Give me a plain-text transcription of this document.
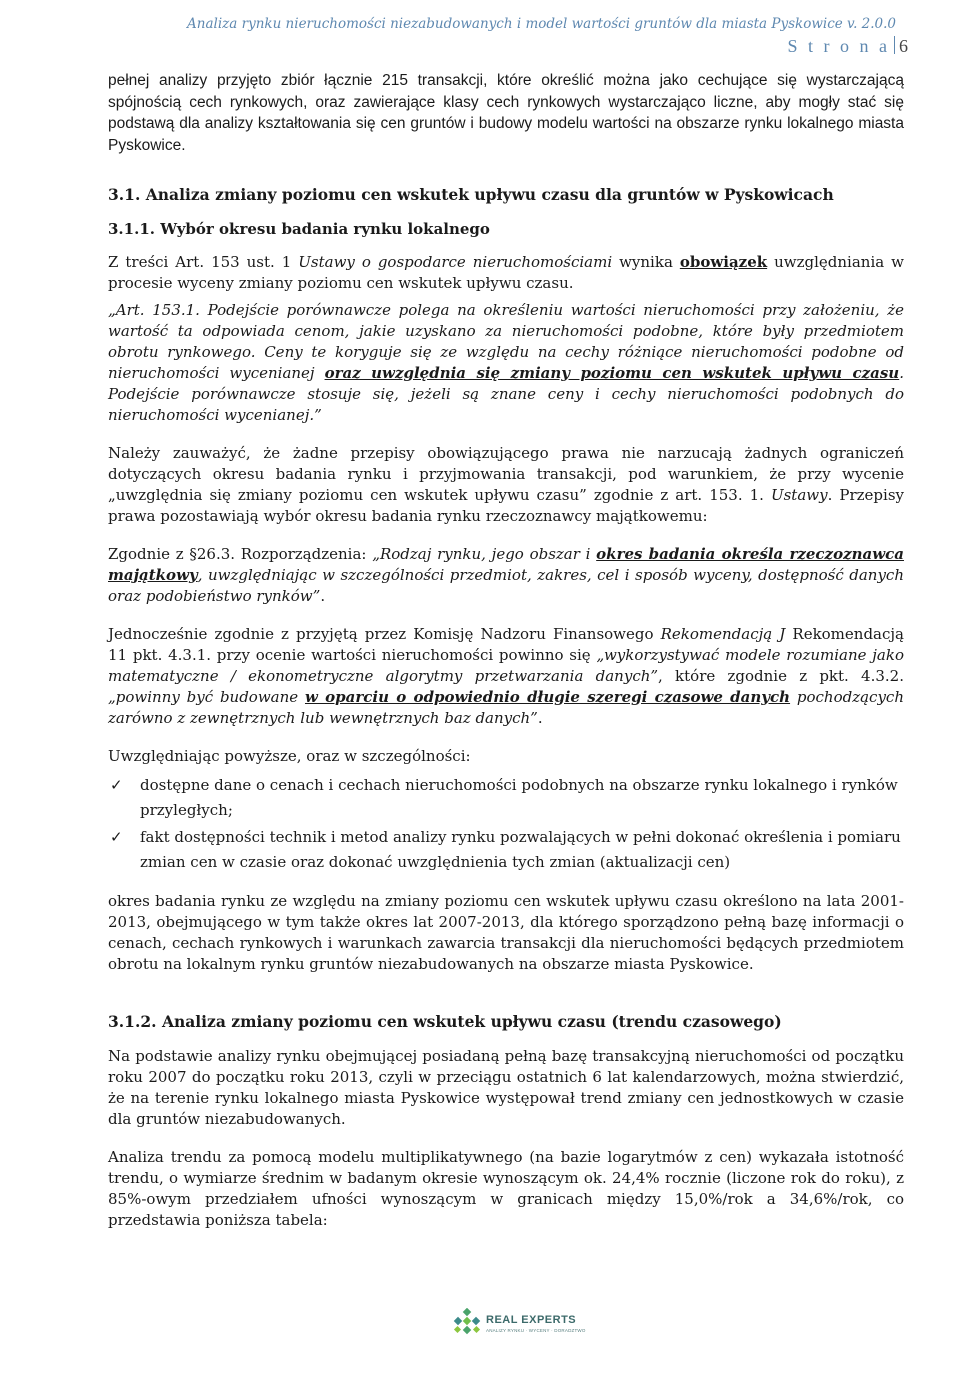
Analiza rynku nieruchomości niezabudowanych i model wartości gruntów dla miasta Pyskowice v. 2.0.0
S t r o n a 6

pełnej analizy przyjęto zbiór łącznie 215 transakcji, które określić można jako cechujące się wystarczającą spójnością cech rynkowych, oraz zawierające klasy cech rynkowych wystarczająco liczne, aby mogły stać się podstawą dla analizy kształtowania się cen gruntów i budowy modelu wartości na obszarze rynku lokalnego miasta Pyskowice.

3.1. Analiza zmiany poziomu cen wskutek upływu czasu dla gruntów w Pyskowicach
3.1.1. Wybór okresu badania rynku lokalnego

Z treści Art. 153 ust. 1 Ustawy o gospodarce nieruchomościami wynika obowiązek uwzględniania w procesie wyceny zmiany poziomu cen wskutek upływu czasu.

„Art. 153.1. Podejście porównawcze polega na określeniu wartości nieruchomości przy założeniu, że wartość ta odpowiada cenom, jakie uzyskano za nieruchomości podobne, które były przedmiotem obrotu rynkowego. Ceny te koryguje się ze względu na cechy różniące nieruchomości podobne od nieruchomości wycenianej oraz uwzględnia się zmiany poziomu cen wskutek upływu czasu. Podejście porównawcze stosuje się, jeżeli są znane ceny i cechy nieruchomości podobnych do nieruchomości wycenianej.”

Należy zauważyć, że żadne przepisy obowiązującego prawa nie narzucają żadnych ograniczeń dotyczących okresu badania rynku i przyjmowania transakcji, pod warunkiem, że przy wycenie „uwzględnia się zmiany poziomu cen wskutek upływu czasu” zgodnie z art. 153. 1. Ustawy. Przepisy prawa pozostawiają wybór okresu badania rynku rzeczoznawcy majątkowemu:

Zgodnie z §26.3. Rozporządzenia: „Rodzaj rynku, jego obszar i okres badania określa rzeczoznawca majątkowy, uwzględniając w szczególności przedmiot, zakres, cel i sposób wyceny, dostępność danych oraz podobieństwo rynków”.

Jednocześnie zgodnie z przyjętą przez Komisję Nadzoru Finansowego Rekomendacją J Rekomendacją 11 pkt. 4.3.1. przy ocenie wartości nieruchomości powinno się „wykorzystywać modele rozumiane jako matematyczne / ekonometryczne algorytmy przetwarzania danych”, które zgodnie z pkt. 4.3.2. „powinny być budowane w oparciu o odpowiednio długie szeregi czasowe danych pochodzących zarówno z zewnętrznych lub wewnętrznych baz danych”.

Uwzględniając powyższe, oraz w szczególności:

✓ dostępne dane o cenach i cechach nieruchomości podobnych na obszarze rynku lokalnego i rynków przyległych;
✓ fakt dostępności technik i metod analizy rynku pozwalających w pełni dokonać określenia i pomiaru zmian cen w czasie oraz dokonać uwzględnienia tych zmian (aktualizacji cen)

okres badania rynku ze względu na zmiany poziomu cen wskutek upływu czasu określono na lata 2001-2013, obejmującego w tym także okres lat 2007-2013, dla którego sporządzono pełną bazę informacji o cenach, cechach rynkowych i warunkach zawarcia transakcji dla nieruchomości będących przedmiotem obrotu na lokalnym rynku gruntów niezabudowanych na obszarze miasta Pyskowice.

3.1.2. Analiza zmiany poziomu cen wskutek upływu czasu (trendu czasowego)

Na podstawie analizy rynku obejmującej posiadaną pełną bazę transakcyjną nieruchomości od początku roku 2007 do początku roku 2013, czyli w przeciągu ostatnich 6 lat kalendarzowych, można stwierdzić, że na terenie rynku lokalnego miasta Pyskowice występował trend zmiany cen jednostkowych w czasie dla gruntów niezabudowanych.

Analiza trendu za pomocą modelu multiplikatywnego (na bazie logarytmów z cen) wykazała istotność trendu, o wymiarze średnim w badanym okresie wynoszącym ok. 24,4% rocznie (liczone rok do roku), z 85%-owym przedziałem ufności wynoszącym w granicach między 15,0%/rok a 34,6%/rok, co przedstawia poniższa tabela:

REAL EXPERTS
ANALIZY RYNKU · WYCENY · DORADZTWO
